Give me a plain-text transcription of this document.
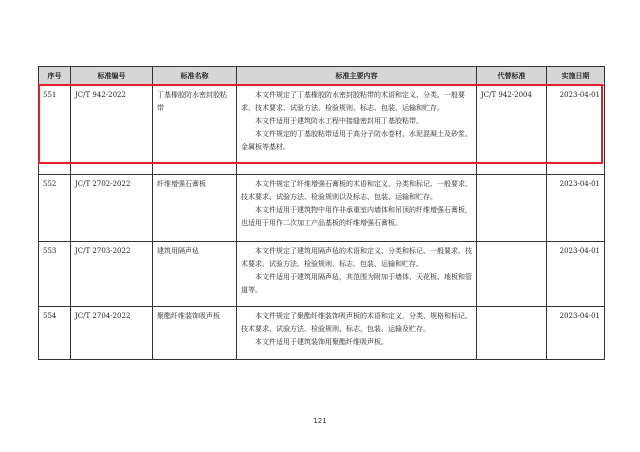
序号	标准编号	标准名称	标准主要内容	代替标准	实施日期
551	JC/T 942-2022	丁基橡胶防水密封胶粘带	本文件规定了丁基橡胶防水密封胶粘带的术语和定义、分类、一般要求、技术要求、试验方法、检验规则、标志、包装、运输和贮存。

本文件适用于建筑防水工程中接缝密封用丁基胶粘带。

本文件规定的丁基胶粘带适用于高分子防水卷材、水泥混凝土及砂浆、金属板等基材。	JC/T 942-2004	2023-04-01
552	JC/T 2702-2022	纤维增强石膏板	本文件规定了纤维增强石膏板的术语和定义、分类和标记、一般要求、技术要求、试验方法、检验规则以及标志、包装、运输和贮存。

本文件适用于建筑物中用作非承重室内墙体和吊顶的纤维增强石膏板，也适用于用作二次加工产品基板的纤维增强石膏板。		2023-04-01
553	JC/T 2703-2022	建筑用隔声毡	本文件规定了建筑用隔声毡的术语和定义、分类和标记、一般要求、技术要求、试验方法、检验规则、标志、包装、运输和贮存。

本文件适用于建筑用隔声毡，其范围为附加于墙体、天花板、地板和管道等。		2023-04-01
554	JC/T 2704-2022	聚酯纤维装饰吸声板	本文件规定了聚酯纤维装饰吸声板的术语和定义、分类、规格和标记、技术要求、试验方法、检验规则、标志、包装、运输及贮存。

本文件适用于建筑装饰用聚酯纤维吸声板。		2023-04-01
121
